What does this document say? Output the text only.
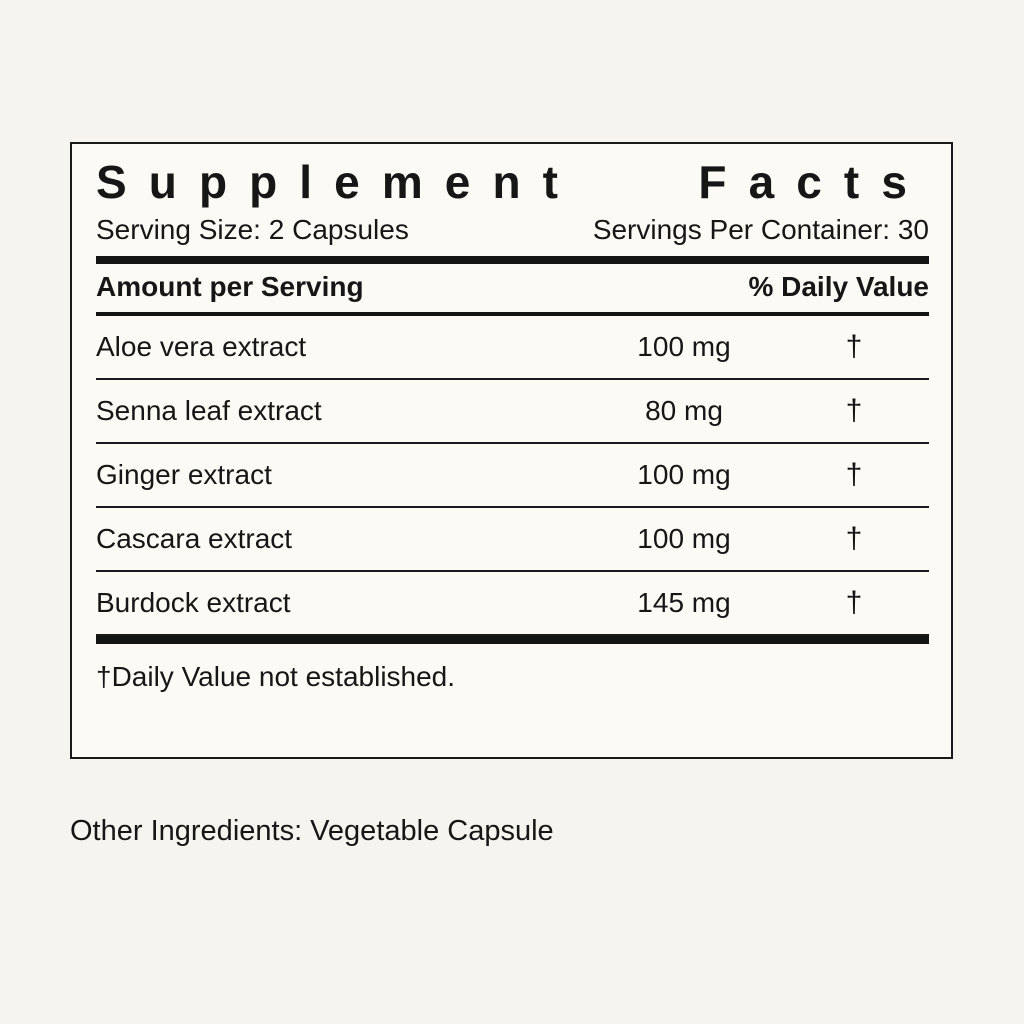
Supplement	Facts
Serving Size: 2 Capsules	Servings Per Container: 30
Amount per Serving	% Daily Value
Aloe vera extract	100 mg	†
Senna leaf extract	80 mg	†
Ginger extract	100 mg	†
Cascara extract	100 mg	†
Burdock extract	145 mg	†
†Daily Value not established.
Other Ingredients: Vegetable Capsule
